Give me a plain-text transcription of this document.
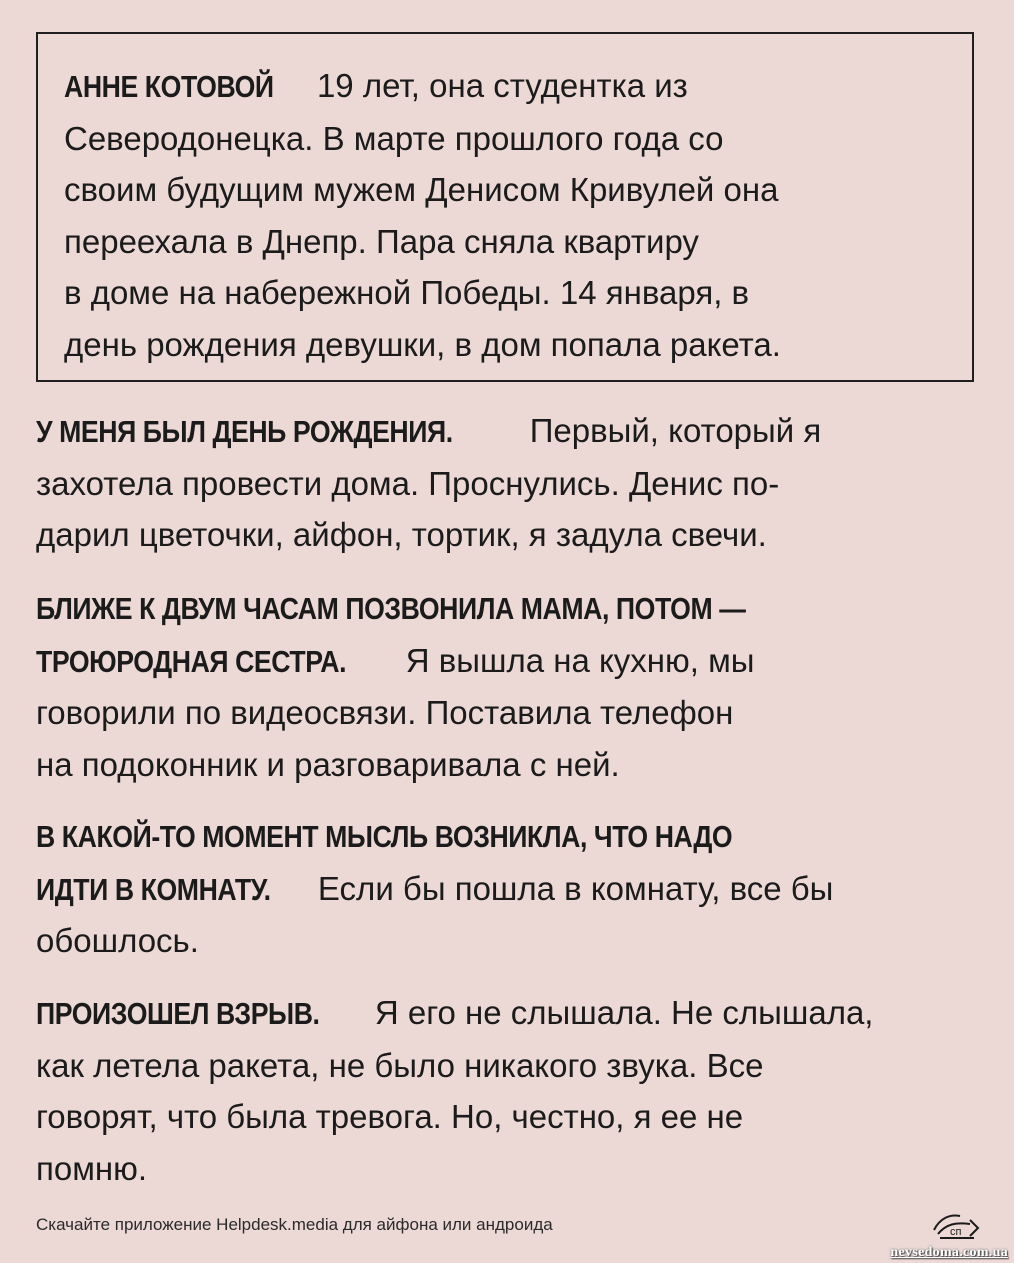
АННЕ КОТОВОЙ 19 лет, она студентка из
Северодонецка. В марте прошлого года со
своим будущим мужем Денисом Кривулей она
переехала в Днепр. Пара сняла квартиру
в доме на набережной Победы. 14 января, в
день рождения девушки, в дом попала ракета.

У МЕНЯ БЫЛ ДЕНЬ РОЖДЕНИЯ. Первый, который я
захотела провести дома. Проснулись. Денис по-
дарил цветочки, айфон, тортик, я задула свечи.

БЛИЖЕ К ДВУМ ЧАСАМ ПОЗВОНИЛА МАМА, ПОТОМ —
ТРОЮРОДНАЯ СЕСТРА. Я вышла на кухню, мы
говорили по видеосвязи. Поставила телефон
на подоконник и разговаривала с ней.

В КАКОЙ-ТО МОМЕНТ МЫСЛЬ ВОЗНИКЛА, ЧТО НАДО
ИДТИ В КОМНАТУ. Если бы пошла в комнату, все бы
обошлось.

ПРОИЗОШЕЛ ВЗРЫВ. Я его не слышала. Не слышала,
как летела ракета, не было никакого звука. Все
говорят, что была тревога. Но, честно, я ее не
помню.

Скачайте приложение Helpdesk.media для айфона или андроида	сп
nevsedoma.com.ua
